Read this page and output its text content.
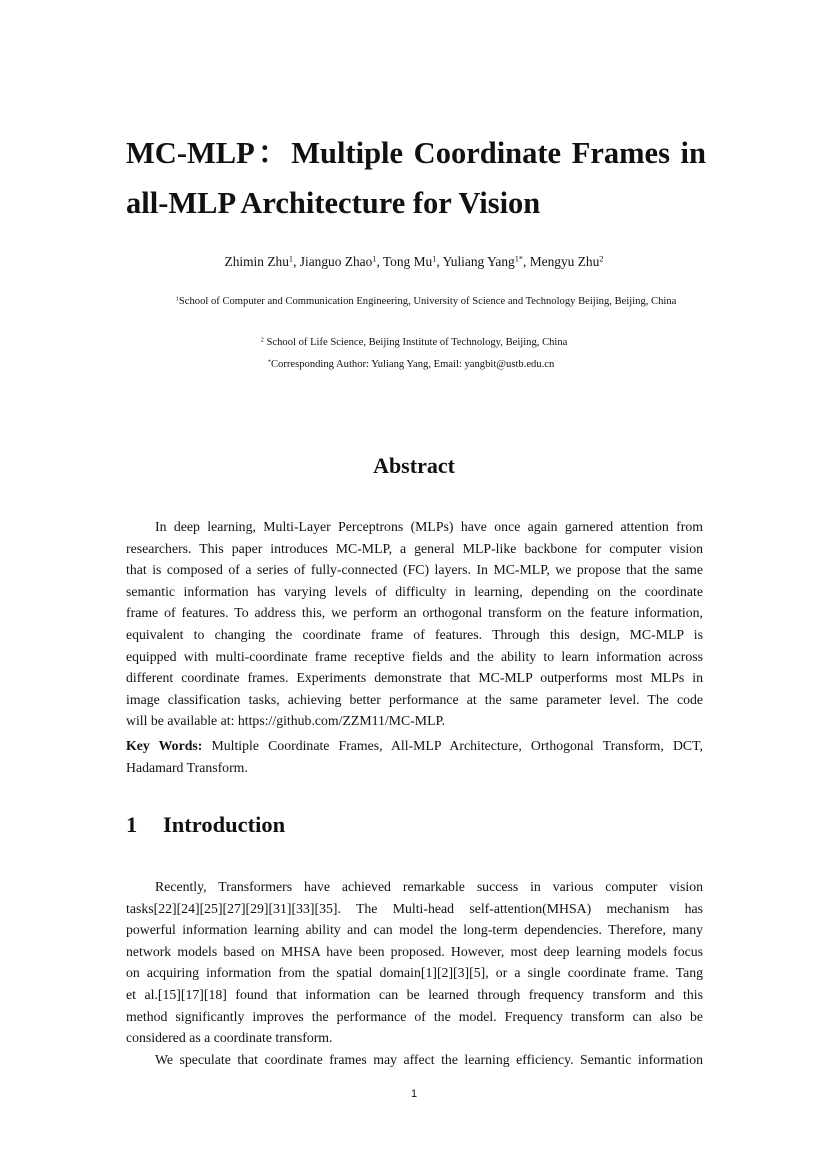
MC-MLP：Multiple Coordinate Frames in
all-MLP Architecture for Vision
Zhimin Zhu$^1$, Jianguo Zhao$^1$, Tong Mu$^1$, Yuliang Yang$^{1*}$, Mengyu Zhu$^2$
$^1$School of Computer and Communication Engineering, University of Science and Technology Beijing, Beijing, China
$^2$ School of Life Science, Beijing Institute of Technology, Beijing, China
*Corresponding Author: Yuliang Yang, Email: yangbit@ustb.edu.cn
Abstract
In deep learning, Multi-Layer Perceptrons (MLPs) have once again garnered attention from
researchers. This paper introduces MC-MLP, a general MLP-like backbone for computer vision
that is composed of a series of fully-connected (FC) layers. In MC-MLP, we propose that the same
semantic information has varying levels of difficulty in learning, depending on the coordinate
frame of features. To address this, we perform an orthogonal transform on the feature information,
equivalent to changing the coordinate frame of features. Through this design, MC-MLP is
equipped with multi-coordinate frame receptive fields and the ability to learn information across
different coordinate frames. Experiments demonstrate that MC-MLP outperforms most MLPs in
image classification tasks, achieving better performance at the same parameter level. The code
will be available at: https://github.com/ZZM11/MC-MLP.
Key Words: Multiple Coordinate Frames, All-MLP Architecture, Orthogonal Transform, DCT,
Hadamard Transform.
1 Introduction
Recently, Transformers have achieved remarkable success in various computer vision
tasks[22][24][25][27][29][31][33][35]. The Multi-head self-attention(MHSA) mechanism has
powerful information learning ability and can model the long-term dependencies. Therefore, many
network models based on MHSA have been proposed. However, most deep learning models focus
on acquiring information from the spatial domain[1][2][3][5], or a single coordinate frame. Tang
et al.[15][17][18] found that information can be learned through frequency transform and this
method significantly improves the performance of the model. Frequency transform can also be
considered as a coordinate transform.
We speculate that coordinate frames may affect the learning efficiency. Semantic information
1
